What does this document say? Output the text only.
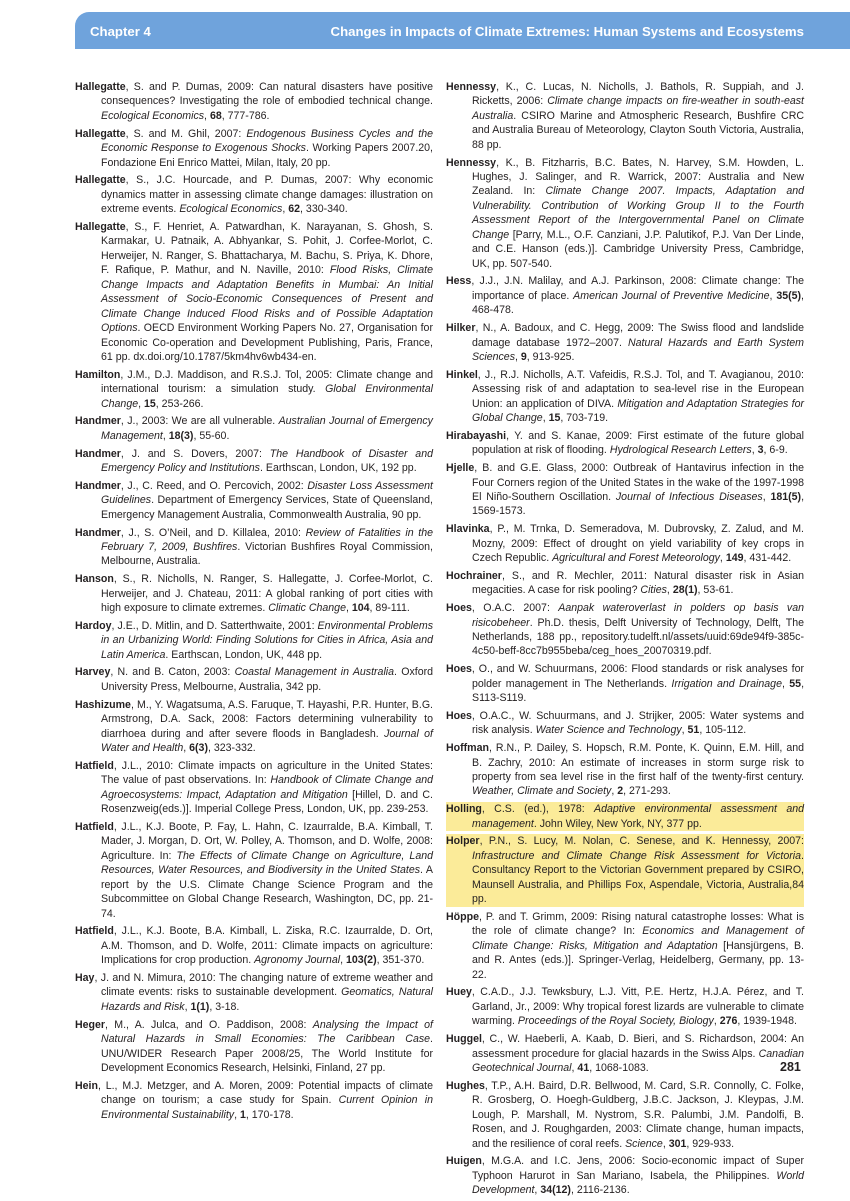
Chapter 4	Changes in Impacts of Climate Extremes: Human Systems and Ecosystems
Hallegatte, S. and P. Dumas, 2009: Can natural disasters have positive consequences? Investigating the role of embodied technical change. Ecological Economics, 68, 777-786.
Hallegatte, S. and M. Ghil, 2007: Endogenous Business Cycles and the Economic Response to Exogenous Shocks. Working Papers 2007.20, Fondazione Eni Enrico Mattei, Milan, Italy, 20 pp.
Hallegatte, S., J.C. Hourcade, and P. Dumas, 2007: Why economic dynamics matter in assessing climate change damages: illustration on extreme events. Ecological Economics, 62, 330-340.
Hallegatte, S., F. Henriet, A. Patwardhan, K. Narayanan, S. Ghosh, S. Karmakar, U. Patnaik, A. Abhyankar, S. Pohit, J. Corfee-Morlot, C. Herweijer, N. Ranger, S. Bhattacharya, M. Bachu, S. Priya, K. Dhore, F. Rafique, P. Mathur, and N. Naville, 2010: Flood Risks, Climate Change Impacts and Adaptation Benefits in Mumbai: An Initial Assessment of Socio-Economic Consequences of Present and Climate Change Induced Flood Risks and of Possible Adaptation Options. OECD Environment Working Papers No. 27, Organisation for Economic Co-operation and Development Publishing, Paris, France, 61 pp. dx.doi.org/10.1787/5km4hv6wb434-en.
Hamilton, J.M., D.J. Maddison, and R.S.J. Tol, 2005: Climate change and international tourism: a simulation study. Global Environmental Change, 15, 253-266.
Handmer, J., 2003: We are all vulnerable. Australian Journal of Emergency Management, 18(3), 55-60.
Handmer, J. and S. Dovers, 2007: The Handbook of Disaster and Emergency Policy and Institutions. Earthscan, London, UK, 192 pp.
Handmer, J., C. Reed, and O. Percovich, 2002: Disaster Loss Assessment Guidelines. Department of Emergency Services, State of Queensland, Emergency Management Australia, Commonwealth Australia, 90 pp.
Handmer, J., S. O’Neil, and D. Killalea, 2010: Review of Fatalities in the February 7, 2009, Bushfires. Victorian Bushfires Royal Commission, Melbourne, Australia.
Hanson, S., R. Nicholls, N. Ranger, S. Hallegatte, J. Corfee-Morlot, C. Herweijer, and J. Chateau, 2011: A global ranking of port cities with high exposure to climate extremes. Climatic Change, 104, 89-111.
Hardoy, J.E., D. Mitlin, and D. Satterthwaite, 2001: Environmental Problems in an Urbanizing World: Finding Solutions for Cities in Africa, Asia and Latin America. Earthscan, London, UK, 448 pp.
Harvey, N. and B. Caton, 2003: Coastal Management in Australia. Oxford University Press, Melbourne, Australia, 342 pp.
Hashizume, M., Y. Wagatsuma, A.S. Faruque, T. Hayashi, P.R. Hunter, B.G. Armstrong, D.A. Sack, 2008: Factors determining vulnerability to diarrhoea during and after severe floods in Bangladesh. Journal of Water and Health, 6(3), 323-332.
Hatfield, J.L., 2010: Climate impacts on agriculture in the United States: The value of past observations. In: Handbook of Climate Change and Agroecosystems: Impact, Adaptation and Mitigation [Hillel, D. and C. Rosenzweig(eds.)]. Imperial College Press, London, UK, pp. 239-253.
Hatfield, J.L., K.J. Boote, P. Fay, L. Hahn, C. Izaurralde, B.A. Kimball, T. Mader, J. Morgan, D. Ort, W. Polley, A. Thomson, and D. Wolfe, 2008: Agriculture. In: The Effects of Climate Change on Agriculture, Land Resources, Water Resources, and Biodiversity in the United States. A report by the U.S. Climate Change Science Program and the Subcommittee on Global Change Research, Washington, DC, pp. 21-74.
Hatfield, J.L., K.J. Boote, B.A. Kimball, L. Ziska, R.C. Izaurralde, D. Ort, A.M. Thomson, and D. Wolfe, 2011: Climate impacts on agriculture: Implications for crop production. Agronomy Journal, 103(2), 351-370.
Hay, J. and N. Mimura, 2010: The changing nature of extreme weather and climate events: risks to sustainable development. Geomatics, Natural Hazards and Risk, 1(1), 3-18.
Heger, M., A. Julca, and O. Paddison, 2008: Analysing the Impact of Natural Hazards in Small Economies: The Caribbean Case. UNU/WIDER Research Paper 2008/25, The World Institute for Development Economics Research, Helsinki, Finland, 27 pp.
Hein, L., M.J. Metzger, and A. Moren, 2009: Potential impacts of climate change on tourism; a case study for Spain. Current Opinion in Environmental Sustainability, 1, 170-178.
Hennessy, K., C. Lucas, N. Nicholls, J. Bathols, R. Suppiah, and J. Ricketts, 2006: Climate change impacts on fire-weather in south-east Australia. CSIRO Marine and Atmospheric Research, Bushfire CRC and Australia Bureau of Meteorology, Clayton South Victoria, Australia, 88 pp.
Hennessy, K., B. Fitzharris, B.C. Bates, N. Harvey, S.M. Howden, L. Hughes, J. Salinger, and R. Warrick, 2007: Australia and New Zealand. In: Climate Change 2007. Impacts, Adaptation and Vulnerability. Contribution of Working Group II to the Fourth Assessment Report of the Intergovernmental Panel on Climate Change [Parry, M.L., O.F. Canziani, J.P. Palutikof, P.J. Van Der Linde, and C.E. Hanson (eds.)]. Cambridge University Press, Cambridge, UK, pp. 507-540.
Hess, J.J., J.N. Malilay, and A.J. Parkinson, 2008: Climate change: The importance of place. American Journal of Preventive Medicine, 35(5), 468-478.
Hilker, N., A. Badoux, and C. Hegg, 2009: The Swiss flood and landslide damage database 1972–2007. Natural Hazards and Earth System Sciences, 9, 913-925.
Hinkel, J., R.J. Nicholls, A.T. Vafeidis, R.S.J. Tol, and T. Avagianou, 2010: Assessing risk of and adaptation to sea-level rise in the European Union: an application of DIVA. Mitigation and Adaptation Strategies for Global Change, 15, 703-719.
Hirabayashi, Y. and S. Kanae, 2009: First estimate of the future global population at risk of flooding. Hydrological Research Letters, 3, 6-9.
Hjelle, B. and G.E. Glass, 2000: Outbreak of Hantavirus infection in the Four Corners region of the United States in the wake of the 1997-1998 El Niño-Southern Oscillation. Journal of Infectious Diseases, 181(5), 1569-1573.
Hlavinka, P., M. Trnka, D. Semeradova, M. Dubrovsky, Z. Zalud, and M. Mozny, 2009: Effect of drought on yield variability of key crops in Czech Republic. Agricultural and Forest Meteorology, 149, 431-442.
Hochrainer, S., and R. Mechler, 2011: Natural disaster risk in Asian megacities. A case for risk pooling? Cities, 28(1), 53-61.
Hoes, O.A.C. 2007: Aanpak wateroverlast in polders op basis van risicobeheer. Ph.D. thesis, Delft University of Technology, Delft, The Netherlands, 188 pp., repository.tudelft.nl/assets/uuid:69de94f9-385c-4c50-beff-8cc7b955beba/ceg_hoes_20070319.pdf.
Hoes, O., and W. Schuurmans, 2006: Flood standards or risk analyses for polder management in The Netherlands. Irrigation and Drainage, 55, S113-S119.
Hoes, O.A.C., W. Schuurmans, and J. Strijker, 2005: Water systems and risk analysis. Water Science and Technology, 51, 105-112.
Hoffman, R.N., P. Dailey, S. Hopsch, R.M. Ponte, K. Quinn, E.M. Hill, and B. Zachry, 2010: An estimate of increases in storm surge risk to property from sea level rise in the first half of the twenty-first century. Weather, Climate and Society, 2, 271-293.
Holling, C.S. (ed.), 1978: Adaptive environmental assessment and management. John Wiley, New York, NY, 377 pp.
Holper, P.N., S. Lucy, M. Nolan, C. Senese, and K. Hennessy, 2007: Infrastructure and Climate Change Risk Assessment for Victoria. Consultancy Report to the Victorian Government prepared by CSIRO, Maunsell Australia, and Phillips Fox, Aspendale, Victoria, Australia,84 pp.
Höppe, P. and T. Grimm, 2009: Rising natural catastrophe losses: What is the role of climate change? In: Economics and Management of Climate Change: Risks, Mitigation and Adaptation [Hansjürgens, B. and R. Antes (eds.)]. Springer-Verlag, Heidelberg, Germany, pp. 13-22.
Huey, C.A.D., J.J. Tewksbury, L.J. Vitt, P.E. Hertz, H.J.A. Pérez, and T. Garland, Jr., 2009: Why tropical forest lizards are vulnerable to climate warming. Proceedings of the Royal Society, Biology, 276, 1939-1948.
Huggel, C., W. Haeberli, A. Kaab, D. Bieri, and S. Richardson, 2004: An assessment procedure for glacial hazards in the Swiss Alps. Canadian Geotechnical Journal, 41, 1068-1083.
Hughes, T.P., A.H. Baird, D.R. Bellwood, M. Card, S.R. Connolly, C. Folke, R. Grosberg, O. Hoegh-Guldberg, J.B.C. Jackson, J. Kleypas, J.M. Lough, P. Marshall, M. Nystrom, S.R. Palumbi, J.M. Pandolfi, B. Rosen, and J. Roughgarden, 2003: Climate change, human impacts, and the resilience of coral reefs. Science, 301, 929-933.
Huigen, M.G.A. and I.C. Jens, 2006: Socio-economic impact of Super Typhoon Harurot in San Mariano, Isabela, the Philippines. World Development, 34(12), 2116-2136.
281
